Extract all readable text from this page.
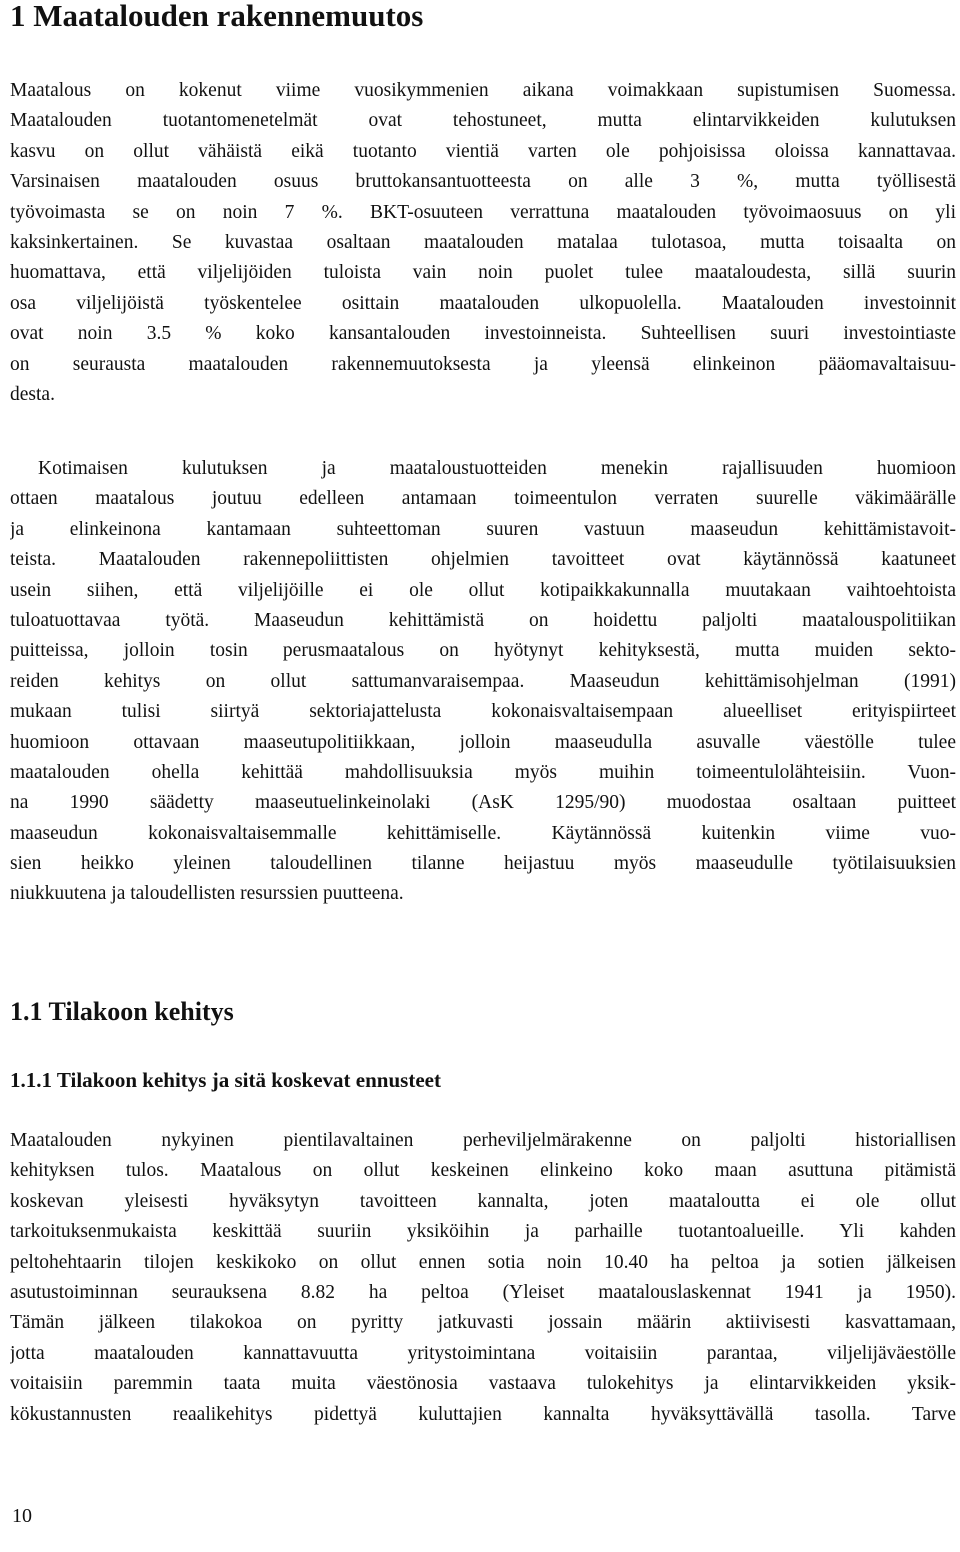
1 Maatalouden rakennemuutos
Maatalous on kokenut viime vuosikymmenien aikana voimakkaan supistumisen Suomessa.
Maatalouden tuotantomenetelmät ovat tehostuneet, mutta elintarvikkeiden kulutuksen
kasvu on ollut vähäistä eikä tuotanto vientiä varten ole pohjoisissa oloissa kannattavaa.
Varsinaisen maatalouden osuus bruttokansantuotteesta on alle 3 %, mutta työllisestä
työvoimasta se on noin 7 %. BKT-osuuteen verrattuna maatalouden työvoimaosuus on yli
kaksinkertainen. Se kuvastaa osaltaan maatalouden matalaa tulotasoa, mutta toisaalta on
huomattava, että viljelijöiden tuloista vain noin puolet tulee maataloudesta, sillä suurin
osa viljelijöistä työskentelee osittain maatalouden ulkopuolella. Maatalouden investoinnit
ovat noin 3.5 % koko kansantalouden investoinneista. Suhteellisen suuri investointiaste
on seurausta maatalouden rakennemuutoksesta ja yleensä elinkeinon pääomavaltaisuu-
desta.
Kotimaisen kulutuksen ja maataloustuotteiden menekin rajallisuuden huomioon
ottaen maatalous joutuu edelleen antamaan toimeentulon verraten suurelle väkimäärälle
ja elinkeinona kantamaan suhteettoman suuren vastuun maaseudun kehittämistavoit-
teista. Maatalouden rakennepoliittisten ohjelmien tavoitteet ovat käytännössä kaatuneet
usein siihen, että viljelijöille ei ole ollut kotipaikkakunnalla muutakaan vaihtoehtoista
tuloatuottavaa työtä. Maaseudun kehittämistä on hoidettu paljolti maatalouspolitiikan
puitteissa, jolloin tosin perusmaatalous on hyötynyt kehityksestä, mutta muiden sekto-
reiden kehitys on ollut sattumanvaraisempaa. Maaseudun kehittämisohjelman (1991)
mukaan tulisi siirtyä sektoriajattelusta kokonaisvaltaisempaan alueelliset erityispiirteet
huomioon ottavaan maaseutupolitiikkaan, jolloin maaseudulla asuvalle väestölle tulee
maatalouden ohella kehittää mahdollisuuksia myös muihin toimeentulolähteisiin. Vuon-
na 1990 säädetty maaseutuelinkeinolaki (AsK 1295/90) muodostaa osaltaan puitteet
maaseudun kokonaisvaltaisemmalle kehittämiselle. Käytännössä kuitenkin viime vuo-
sien heikko yleinen taloudellinen tilanne heijastuu myös maaseudulle työtilaisuuksien
niukkuutena ja taloudellisten resurssien puutteena.
1.1 Tilakoon kehitys
1.1.1 Tilakoon kehitys ja sitä koskevat ennusteet
Maatalouden nykyinen pientilavaltainen perheviljelmärakenne on paljolti historiallisen
kehityksen tulos. Maatalous on ollut keskeinen elinkeino koko maan asuttuna pitämistä
koskevan yleisesti hyväksytyn tavoitteen kannalta, joten maataloutta ei ole ollut
tarkoituksenmukaista keskittää suuriin yksiköihin ja parhaille tuotantoalueille. Yli kahden
peltohehtaarin tilojen keskikoko on ollut ennen sotia noin 10.40 ha peltoa ja sotien jälkeisen
asutustoiminnan seurauksena 8.82 ha peltoa (Yleiset maatalouslaskennat 1941 ja 1950).
Tämän jälkeen tilakokoa on pyritty jatkuvasti jossain määrin aktiivisesti kasvattamaan,
jotta maatalouden kannattavuutta yritystoimintana voitaisiin parantaa, viljelijäväestölle
voitaisiin paremmin taata muita väestönosia vastaava tulokehitys ja elintarvikkeiden yksik-
kökustannusten reaalikehitys pidettyä kuluttajien kannalta hyväksyttävällä tasolla. Tarve
10
